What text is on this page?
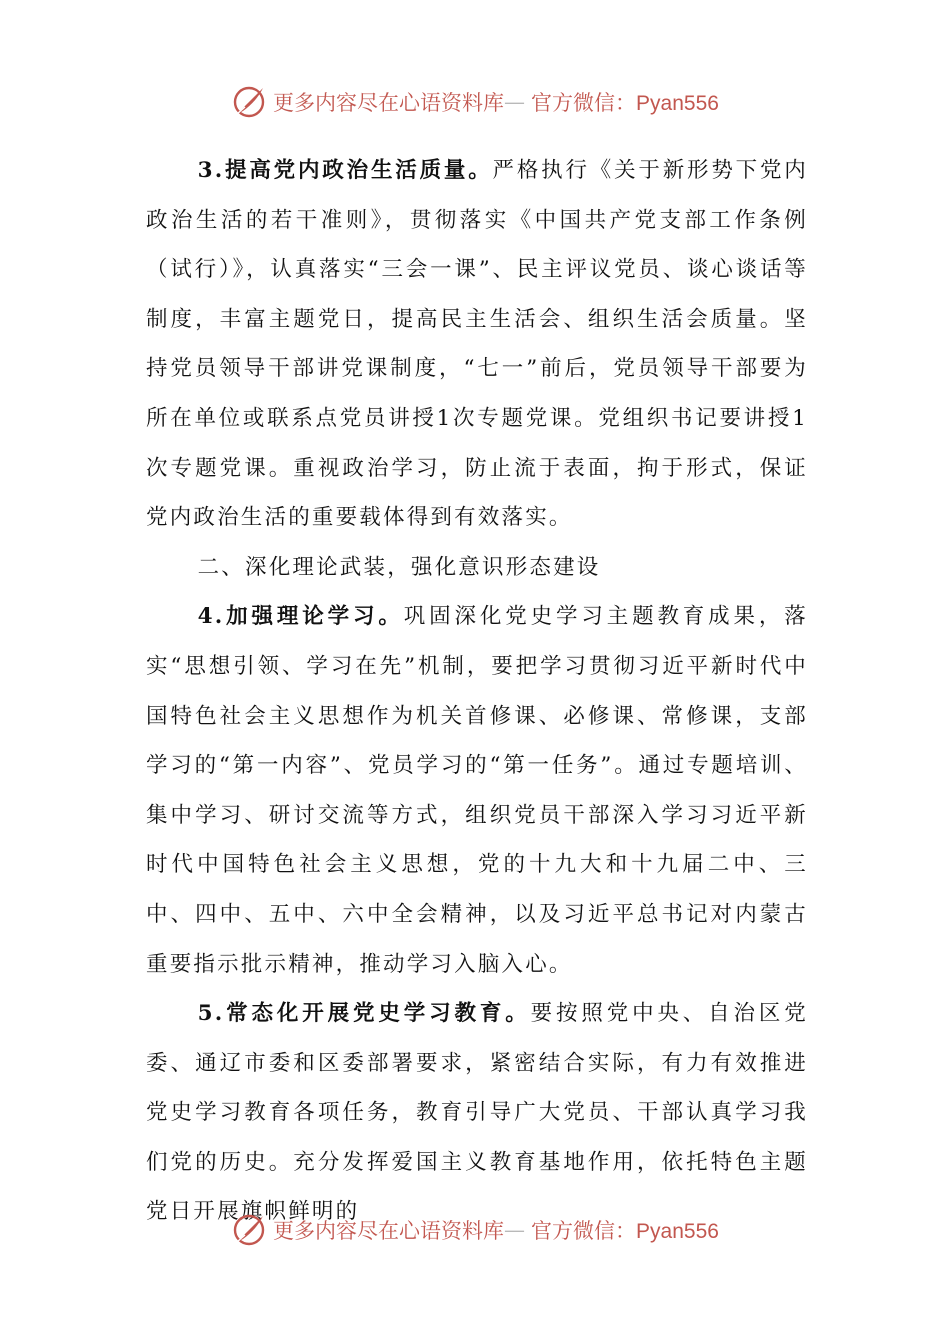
更多内容尽在心语资料库 — 官方微信：Pyan556

3.提高党内政治生活质量。严格执行《关于新形势下党内政治生活的若干准则》，贯彻落实《中国共产党支部工作条例（试行）》，认真落实“三会一课”、民主评议党员、谈心谈话等制度，丰富主题党日，提高民主生活会、组织生活会质量。坚持党员领导干部讲党课制度，“七一”前后，党员领导干部要为所在单位或联系点党员讲授1次专题党课。党组织书记要讲授1次专题党课。重视政治学习，防止流于表面，拘于形式，保证党内政治生活的重要载体得到有效落实。

二、深化理论武装，强化意识形态建设

4.加强理论学习。巩固深化党史学习主题教育成果，落实“思想引领、学习在先”机制，要把学习贯彻习近平新时代中国特色社会主义思想作为机关首修课、必修课、常修课，支部学习的“第一内容”、党员学习的“第一任务”。通过专题培训、集中学习、研讨交流等方式，组织党员干部深入学习习近平新时代中国特色社会主义思想，党的十九大和十九届二中、三中、四中、五中、六中全会精神，以及习近平总书记对内蒙古重要指示批示精神，推动学习入脑入心。

5.常态化开展党史学习教育。要按照党中央、自治区党委、通辽市委和区委部署要求，紧密结合实际，有力有效推进党史学习教育各项任务，教育引导广大党员、干部认真学习我们党的历史。充分发挥爱国主义教育基地作用，依托特色主题党日开展旗帜鲜明的

更多内容尽在心语资料库 — 官方微信：Pyan556
